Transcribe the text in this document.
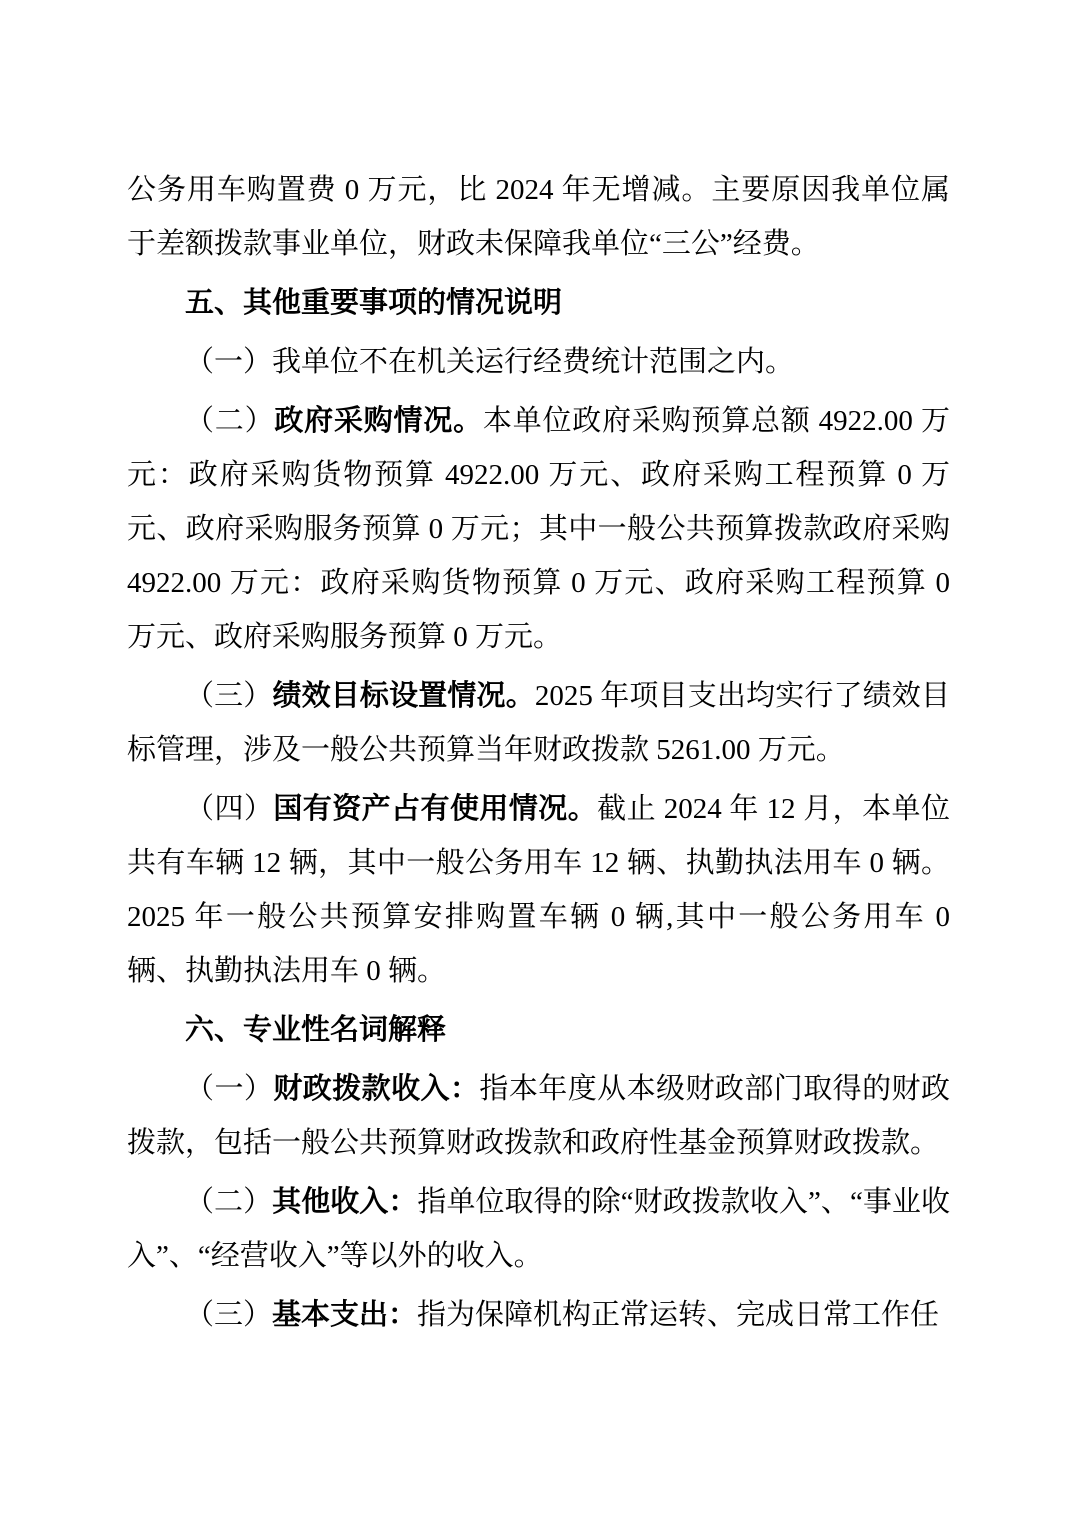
公务用车购置费 0 万元，比 2024 年无增减。主要原因我单位属于差额拨款事业单位，财政未保障我单位“三公”经费。

五、其他重要事项的情况说明

（一）我单位不在机关运行经费统计范围之内。

（二）政府采购情况。本单位政府采购预算总额 4922.00 万元：政府采购货物预算 4922.00 万元、政府采购工程预算 0 万元、政府采购服务预算 0 万元；其中一般公共预算拨款政府采购 4922.00 万元：政府采购货物预算 0 万元、政府采购工程预算 0 万元、政府采购服务预算 0 万元。

（三）绩效目标设置情况。2025 年项目支出均实行了绩效目标管理，涉及一般公共预算当年财政拨款 5261.00 万元。

（四）国有资产占有使用情况。截止 2024 年 12 月，本单位共有车辆 12 辆，其中一般公务用车 12 辆、执勤执法用车 0 辆。2025 年一般公共预算安排购置车辆 0 辆,其中一般公务用车 0 辆、执勤执法用车 0 辆。

六、专业性名词解释

（一）财政拨款收入：指本年度从本级财政部门取得的财政拨款，包括一般公共预算财政拨款和政府性基金预算财政拨款。

（二）其他收入：指单位取得的除“财政拨款收入”、“事业收入”、“经营收入”等以外的收入。

（三）基本支出：指为保障机构正常运转、完成日常工作任
